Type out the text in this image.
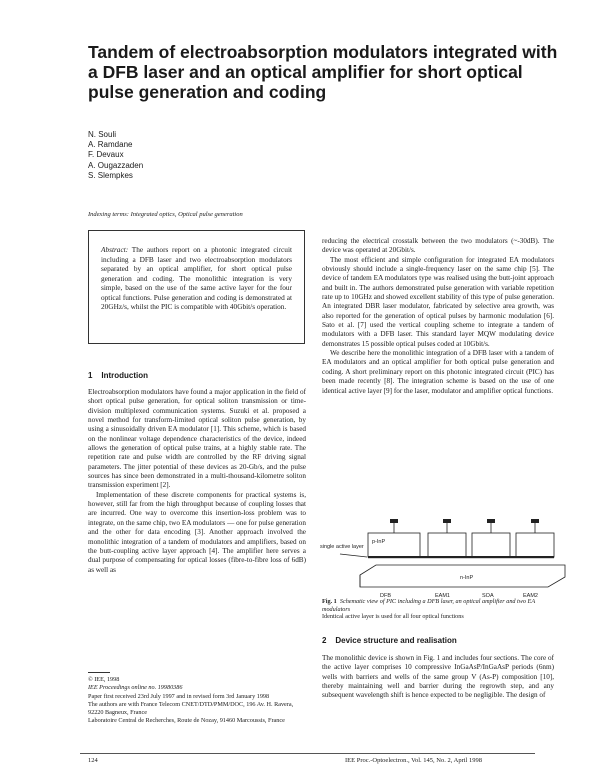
Tandem of electroabsorption modulators integrated with a DFB laser and an optical amplifier for short optical pulse generation and coding
N. Souli
A. Ramdane
F. Devaux
A. Ougazzaden
S. Slempkes
Indexing terms: Integrated optics, Optical pulse generation
Abstract: The authors report on a photonic integrated circuit including a DFB laser and two electroabsorption modulators separated by an optical amplifier, for short optical pulse generation and coding. The monolithic integration is very simple, based on the use of the same active layer for the four optical functions. Pulse generation and coding is demonstrated at 20GHz/s, whilst the PIC is compatible with 40Gbit/s operation.
1 Introduction

Electroabsorption modulators have found a major application in the field of short optical pulse generation, for optical soliton transmission or time-division multiplexed communication systems. Suzuki et al. proposed a novel method for transform-limited optical soliton pulse generation, by using a sinusoidally driven EA modulator [1]. This scheme, which is based on the nonlinear voltage dependence characteristics of the device, indeed allows the generation of optical pulse trains, at a highly stable rate. The repetition rate and pulse width are controlled by the RF driving signal parameters. The jitter potential of these devices as 20-Gb/s, and the pulse sources has since been demonstrated in a multi-thousand-kilometre soliton transmission experiment [2].

Implementation of these discrete components for practical systems is, however, still far from the high throughput because of coupling losses that are incurred. One way to overcome this insertion-loss problem was to integrate, on the same chip, two EA modulators — one for pulse generation and the other for data encoding [3]. Another approach involved the monolithic integration of a tandem of modulators and amplifiers, based on the butt-coupling active layer approach [4]. The amplifier here serves a dual purpose of compensating for optical losses (fibre-to-fibre loss of 6dB) as well as

© IEE, 1998
IEE Proceedings online no. 19980386
Paper first received 23rd July 1997 and in revised form 3rd January 1998
The authors are with France Telecom CNET/DTD/PMM/DOC, 196 Av. H. Ravera, 92220 Bagneux, France
Laboratoire Central de Recherches, Route de Nozay, 91460 Marcoussis, France

reducing the electrical crosstalk between the two modulators (~-30dB). The device was operated at 20Gbit/s.

The most efficient and simple configuration for integrated EA modulators obviously should include a single-frequency laser on the same chip [5]. The device of tandem EA modulators type was realised using the butt-joint approach and built in. The authors demonstrated pulse generation with variable repetition rate up to 10GHz and showed excellent stability of this type of pulse generation. An integrated DBR laser modulator, fabricated by selective area growth, was also reported for the generation of optical pulses by harmonic modulation [6]. Sato et al. [7] used the vertical coupling scheme to integrate a tandem of modulators with a DFB laser. This standard layer MQW modulating device demonstrates 15 possible optical pulses coded at 10Gbit/s.

We describe here the monolithic integration of a DFB laser with a tandem of EA modulators and an optical amplifier for both optical pulse generation and coding. A short preliminary report on this photonic integrated circuit (PIC) has been made recently [8]. The integration scheme is based on the use of one identical active layer [9] for the laser, modulator and amplifier optical functions.

n-InP
p-InP
single active layer
DFB	EAM1	EAM2
SOA
Fig. 1 Schematic view of PIC including a DFB laser, an optical amplifier and two EA modulators
Identical active layer is used for all four optical functions
2 Device structure and realisation

The monolithic device is shown in Fig. 1 and includes four sections. The core of the active layer comprises 10 compressive InGaAsP/InGaAsP periods (6nm) wells with barriers and wells of the same group V (As-P) composition [10], thereby maintaining well and barrier during the regrowth step, and any subsequent wavelength shift is hence expected to be negligible. The design of

124	IEE Proc.-Optoelectron., Vol. 145, No. 2, April 1998
